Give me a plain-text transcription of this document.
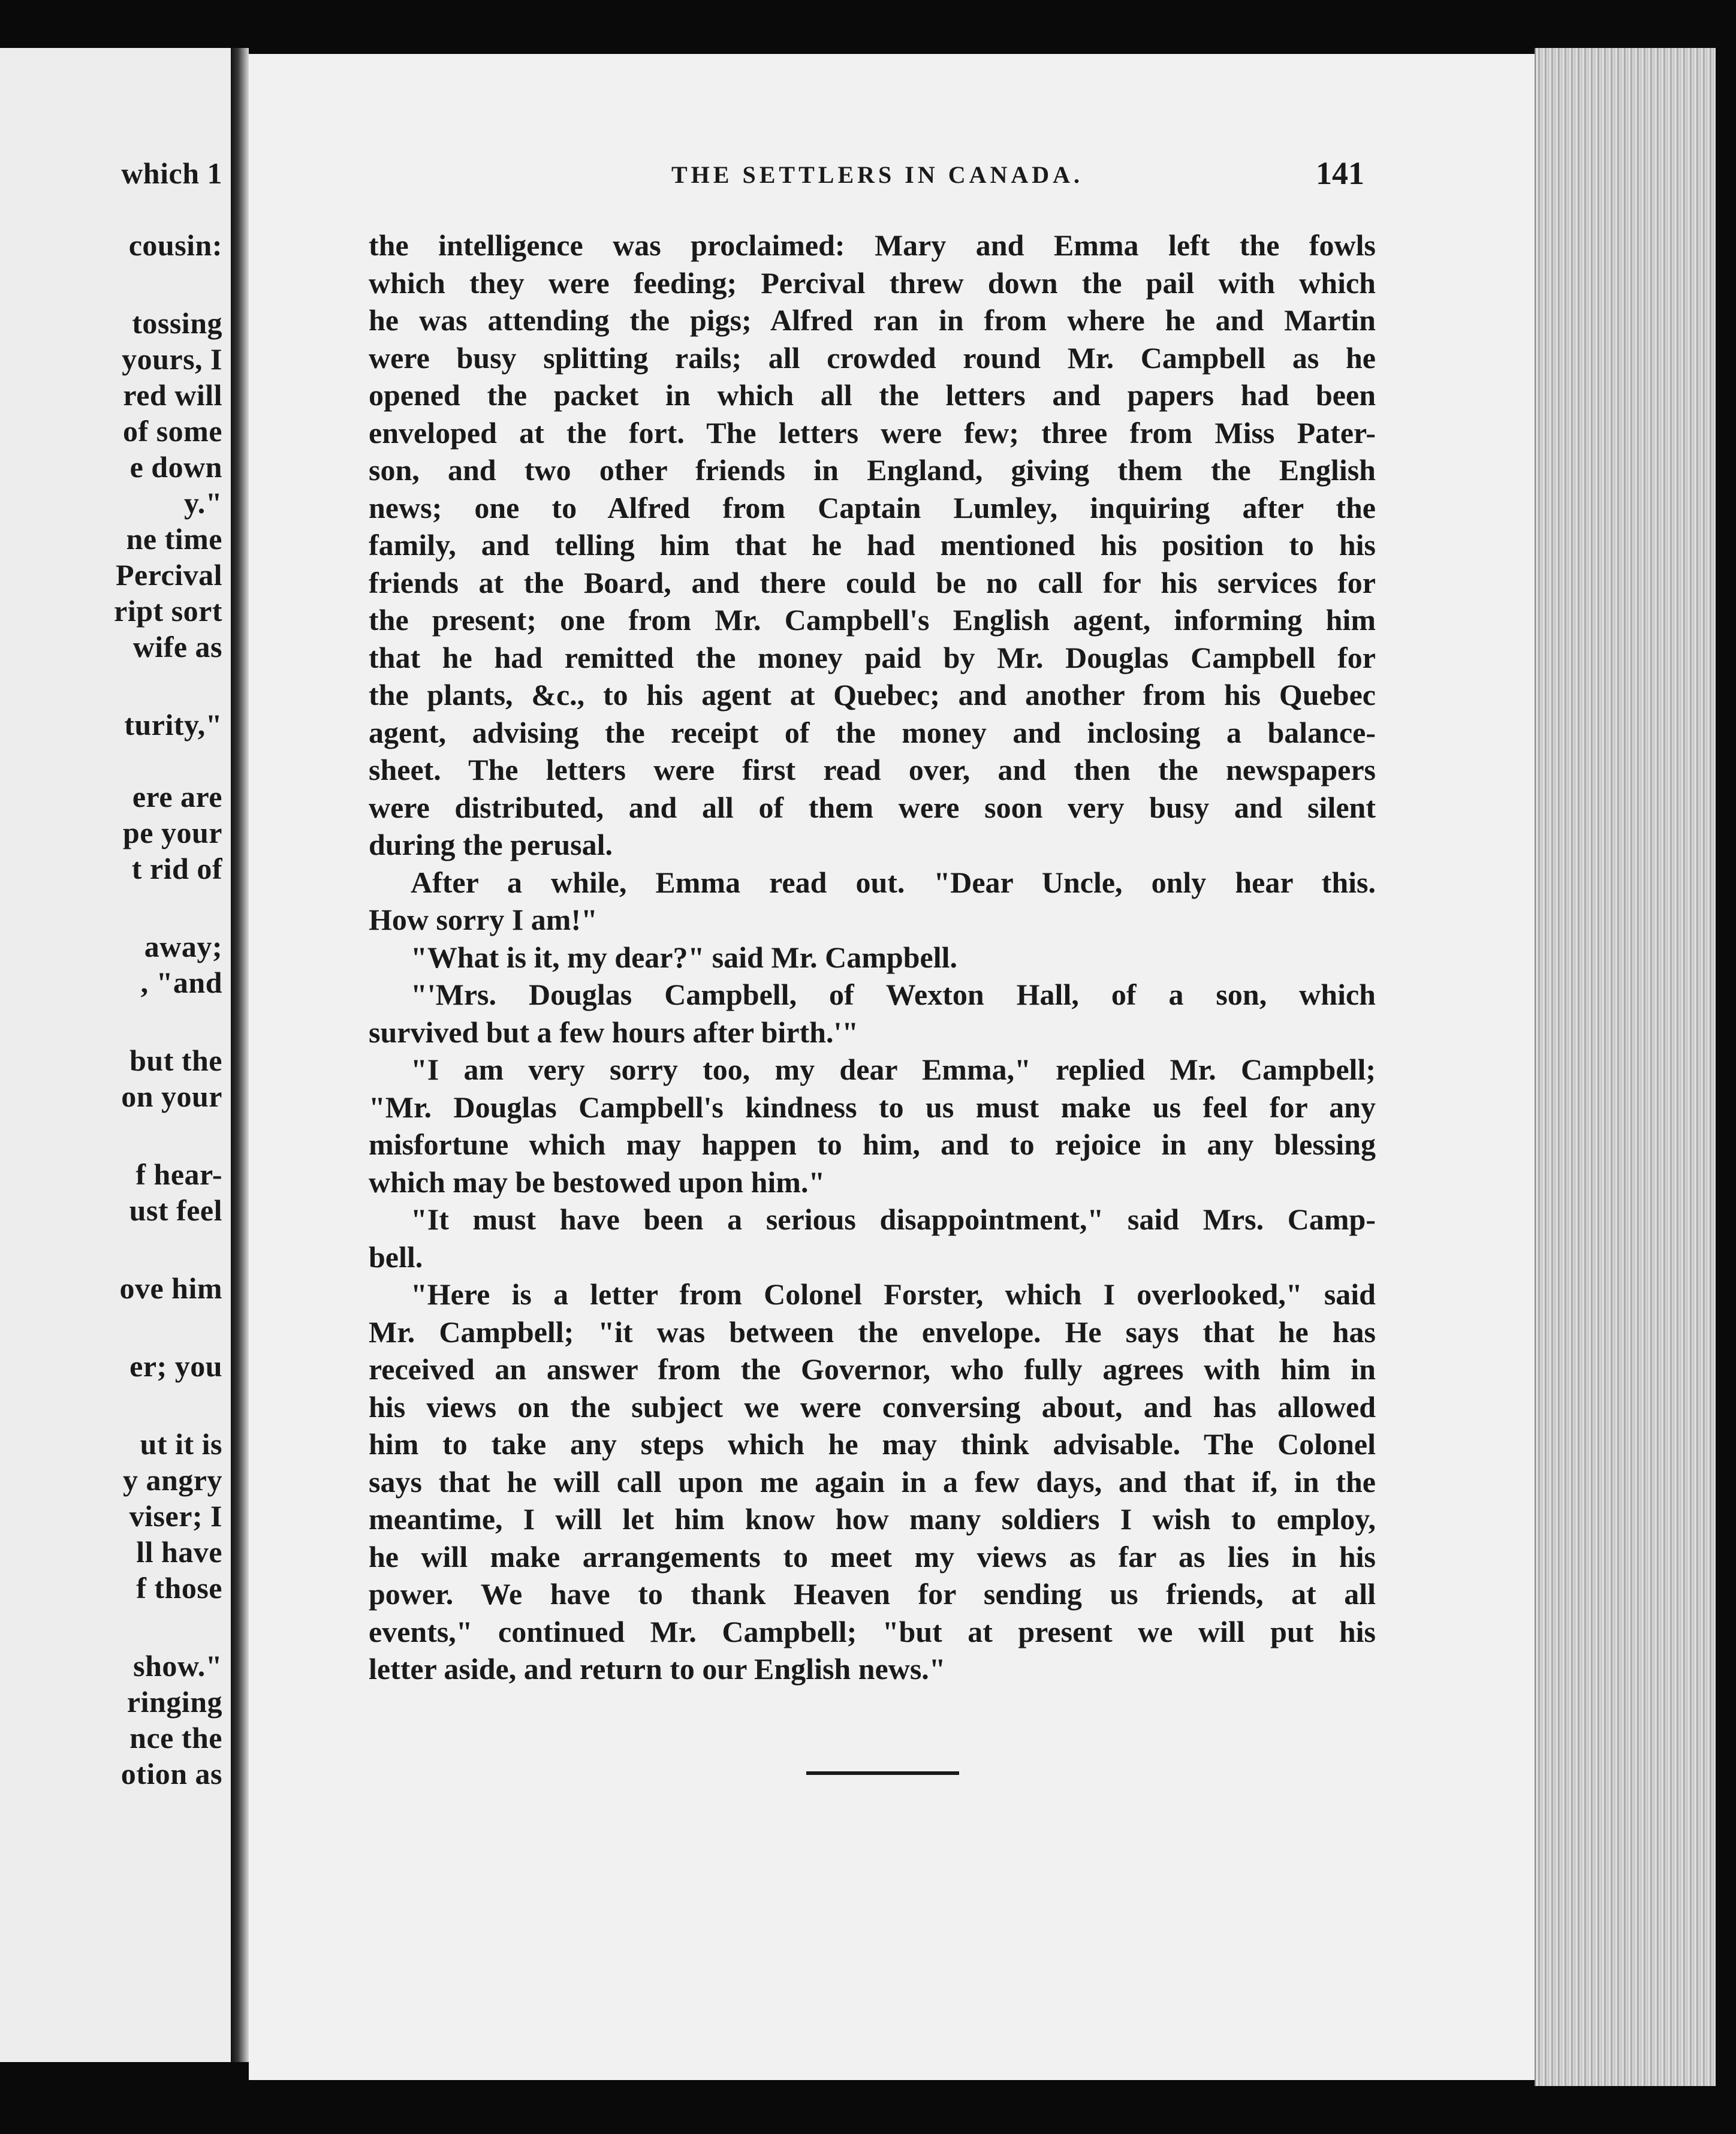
which 1
cousin:
tossing
yours, I
red will
of some
e down
y."
ne time
Percival
ript sort
wife as
turity,"
ere are
pe your
t rid of
away;
, "and
but the
on your
f hear-
ust feel
ove him
er; you
ut it is
y angry
viser; I
ll have
f those
show."
ringing
nce the
otion as
THE SETTLERS IN CANADA.	141
the intelligence was proclaimed: Mary and Emma left the fowls
which they were feeding; Percival threw down the pail with which
he was attending the pigs; Alfred ran in from where he and Martin
were busy splitting rails; all crowded round Mr. Campbell as he
opened the packet in which all the letters and papers had been
enveloped at the fort. The letters were few; three from Miss Pater-
son, and two other friends in England, giving them the English
news; one to Alfred from Captain Lumley, inquiring after the
family, and telling him that he had mentioned his position to his
friends at the Board, and there could be no call for his services for
the present; one from Mr. Campbell's English agent, informing him
that he had remitted the money paid by Mr. Douglas Campbell for
the plants, &c., to his agent at Quebec; and another from his Quebec
agent, advising the receipt of the money and inclosing a balance-
sheet. The letters were first read over, and then the newspapers
were distributed, and all of them were soon very busy and silent
during the perusal.
After a while, Emma read out. "Dear Uncle, only hear this.
How sorry I am!"
"What is it, my dear?" said Mr. Campbell.
"'Mrs. Douglas Campbell, of Wexton Hall, of a son, which
survived but a few hours after birth.'"
"I am very sorry too, my dear Emma," replied Mr. Campbell;
"Mr. Douglas Campbell's kindness to us must make us feel for any
misfortune which may happen to him, and to rejoice in any blessing
which may be bestowed upon him."
"It must have been a serious disappointment," said Mrs. Camp-
bell.
"Here is a letter from Colonel Forster, which I overlooked," said
Mr. Campbell; "it was between the envelope. He says that he has
received an answer from the Governor, who fully agrees with him in
his views on the subject we were conversing about, and has allowed
him to take any steps which he may think advisable. The Colonel
says that he will call upon me again in a few days, and that if, in the
meantime, I will let him know how many soldiers I wish to employ,
he will make arrangements to meet my views as far as lies in his
power. We have to thank Heaven for sending us friends, at all
events," continued Mr. Campbell; "but at present we will put his
letter aside, and return to our English news."
